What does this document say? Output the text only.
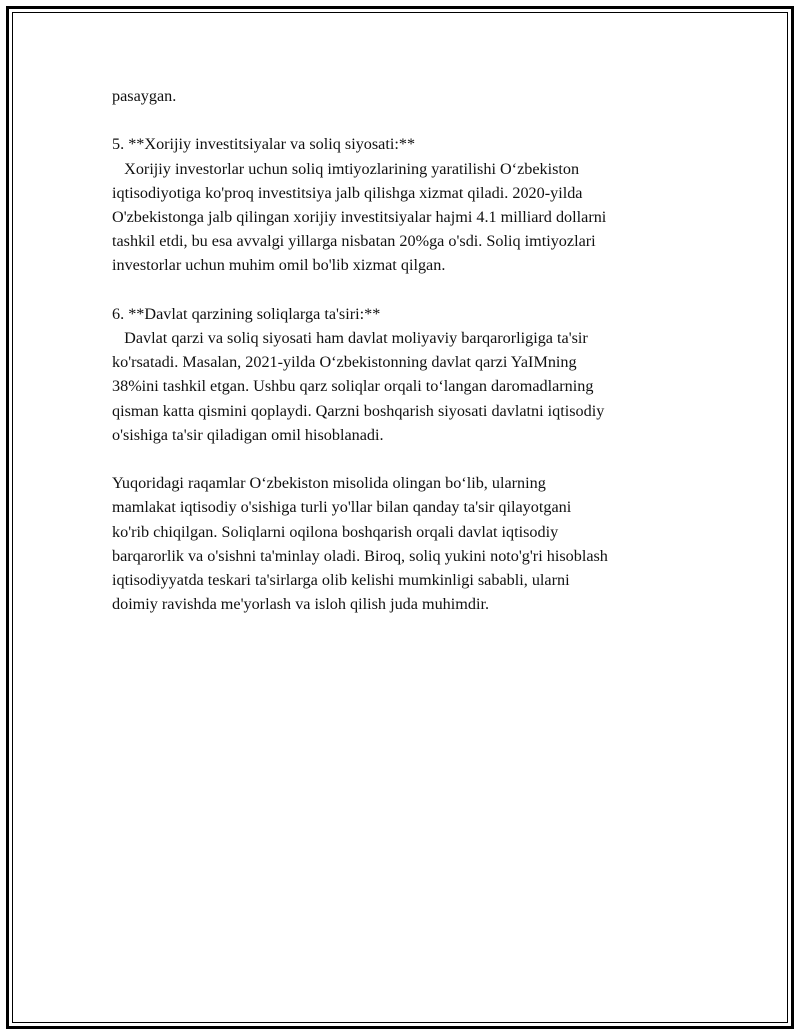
pasaygan.
5. **Xorijiy investitsiyalar va soliq siyosati:**
Xorijiy investorlar uchun soliq imtiyozlarining yaratilishi O‘zbekiston
iqtisodiyotiga ko'proq investitsiya jalb qilishga xizmat qiladi. 2020-yilda
O'zbekistonga jalb qilingan xorijiy investitsiyalar hajmi 4.1 milliard dollarni
tashkil etdi, bu esa avvalgi yillarga nisbatan 20%ga o'sdi. Soliq imtiyozlari
investorlar uchun muhim omil bo'lib xizmat qilgan.
6. **Davlat qarzining soliqlarga ta'siri:**
Davlat qarzi va soliq siyosati ham davlat moliyaviy barqarorligiga ta'sir
ko'rsatadi. Masalan, 2021-yilda O‘zbekistonning davlat qarzi YaIMning
38%ini tashkil etgan. Ushbu qarz soliqlar orqali to‘langan daromadlarning
qisman katta qismini qoplaydi. Qarzni boshqarish siyosati davlatni iqtisodiy
o'sishiga ta'sir qiladigan omil hisoblanadi.
Yuqoridagi raqamlar O‘zbekiston misolida olingan bo‘lib, ularning
mamlakat iqtisodiy o'sishiga turli yo'llar bilan qanday ta'sir qilayotgani
ko'rib chiqilgan. Soliqlarni oqilona boshqarish orqali davlat iqtisodiy
barqarorlik va o'sishni ta'minlay oladi. Biroq, soliq yukini noto'g'ri hisoblash
iqtisodiyyatda teskari ta'sirlarga olib kelishi mumkinligi sababli, ularni
doimiy ravishda me'yorlash va isloh qilish juda muhimdir.
